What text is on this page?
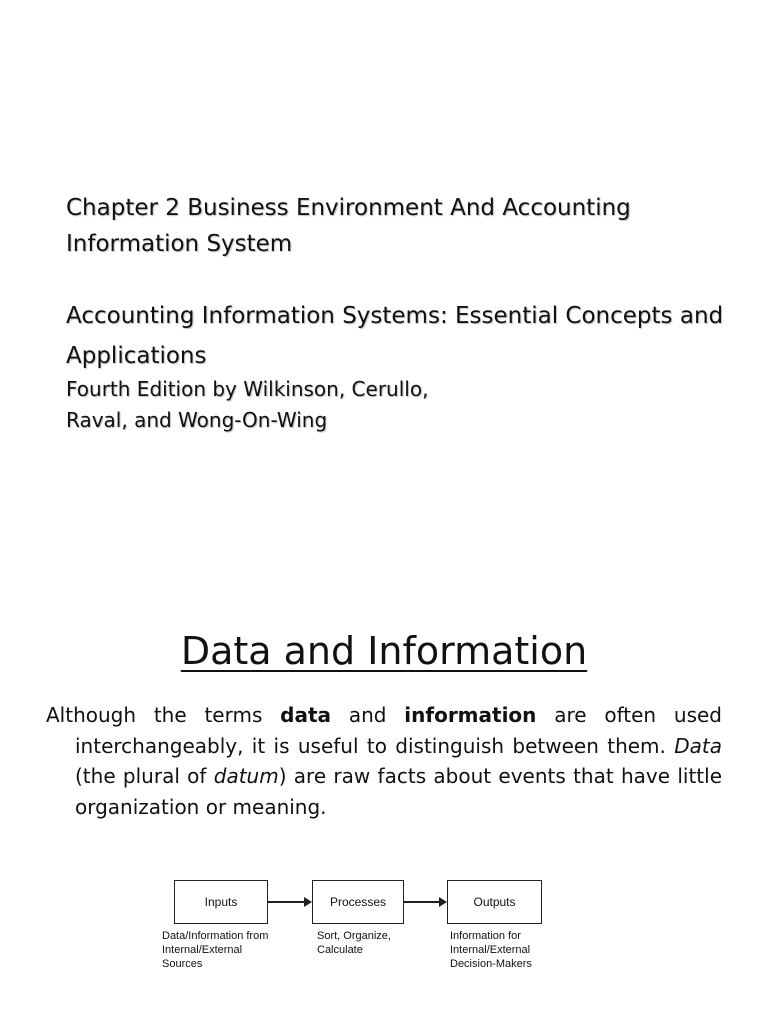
Chapter 2 Business Environment And Accounting Information System

Accounting Information Systems: Essential Concepts and Applications

Fourth Edition by Wilkinson, Cerullo,
Raval, and Wong-On-Wing

Data and Information

Although the terms data and information are often used interchangeably, it is useful to distinguish between them. Data (the plural of datum) are raw facts about events that have little organization or meaning.

Inputs	Processes	Outputs
Data/Information from
Internal/External
Sources
Sort, Organize,
Calculate
Information for
Internal/External
Decision-Makers
